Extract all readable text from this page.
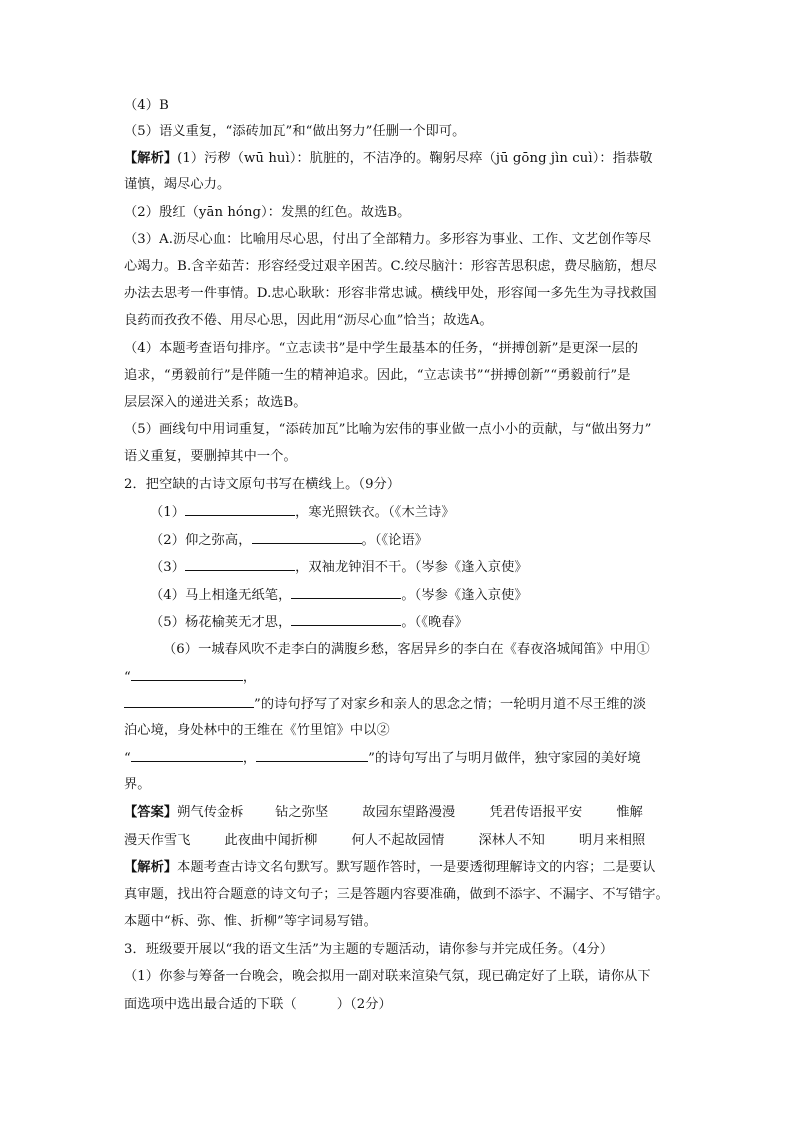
（4）B
（5）语义重复，“添砖加瓦”和“做出努力”任删一个即可。
【解析】(1）污秽（wū huì）：肮脏的，不洁净的。鞠躬尽瘁（jū gōng jìn cuì）：指恭敬
谨慎，竭尽心力。
（2）殷红（yān hóng）：发黑的红色。故选B。
（3）A.沥尽心血：比喻用尽心思，付出了全部精力。多形容为事业、工作、文艺创作等尽
心竭力。B.含辛茹苦：形容经受过艰辛困苦。C.绞尽脑汁：形容苦思积虑，费尽脑筋，想尽
办法去思考一件事情。D.忠心耿耿：形容非常忠诚。横线甲处，形容闻一多先生为寻找救国
良药而孜孜不倦、用尽心思，因此用“沥尽心血”恰当；故选A。
（4）本题考查语句排序。“立志读书”是中学生最基本的任务，“拼搏创新”是更深一层的
追求，“勇毅前行”是伴随一生的精神追求。因此，“立志读书”“拼搏创新”“勇毅前行”是
层层深入的递进关系；故选B。
（5）画线句中用词重复，“添砖加瓦”比喻为宏伟的事业做一点小小的贡献，与“做出努力”
语义重复，要删掉其中一个。
2．把空缺的古诗文原句书写在横线上。（9分）
（1）	，寒光照铁衣。（《木兰诗》
（2）仰之弥高，	。（《论语》
（3）	，双袖龙钟泪不干。（岑参《逢入京使》
（4）马上相逢无纸笔，	。（岑参《逢入京使》
（5）杨花榆荚无才思，	。（《晚春》
（6）一城春风吹不走李白的满腹乡愁，客居异乡的李白在《春夜洛城闻笛》中用①
“	，
”的诗句抒写了对家乡和亲人的思念之情；一轮明月道不尽王维的淡
泊心境，身处林中的王维在《竹里馆》中以②
“	，	”的诗句写出了与明月做伴，独守家园的美好境
界。
【答案】朔气传金柝 钻之弥坚	故园东望路漫漫	凭君传语报平安	惟解
漫天作雪飞	此夜曲中闻折柳	何人不起故园情	深林人不知	明月来相照
【解析】本题考查古诗文名句默写。默写题作答时，一是要透彻理解诗文的内容；二是要认
真审题，找出符合题意的诗文句子；三是答题内容要准确，做到不添字、不漏字、不写错字。
本题中“柝、弥、惟、折柳”等字词易写错。
3．班级要开展以“我的语文生活”为主题的专题活动，请你参与并完成任务。（4分）
（1）你参与筹备一台晚会，晚会拟用一副对联来渲染气氛，现已确定好了上联，请你从下
面选项中选出最合适的下联（	）（2分）
